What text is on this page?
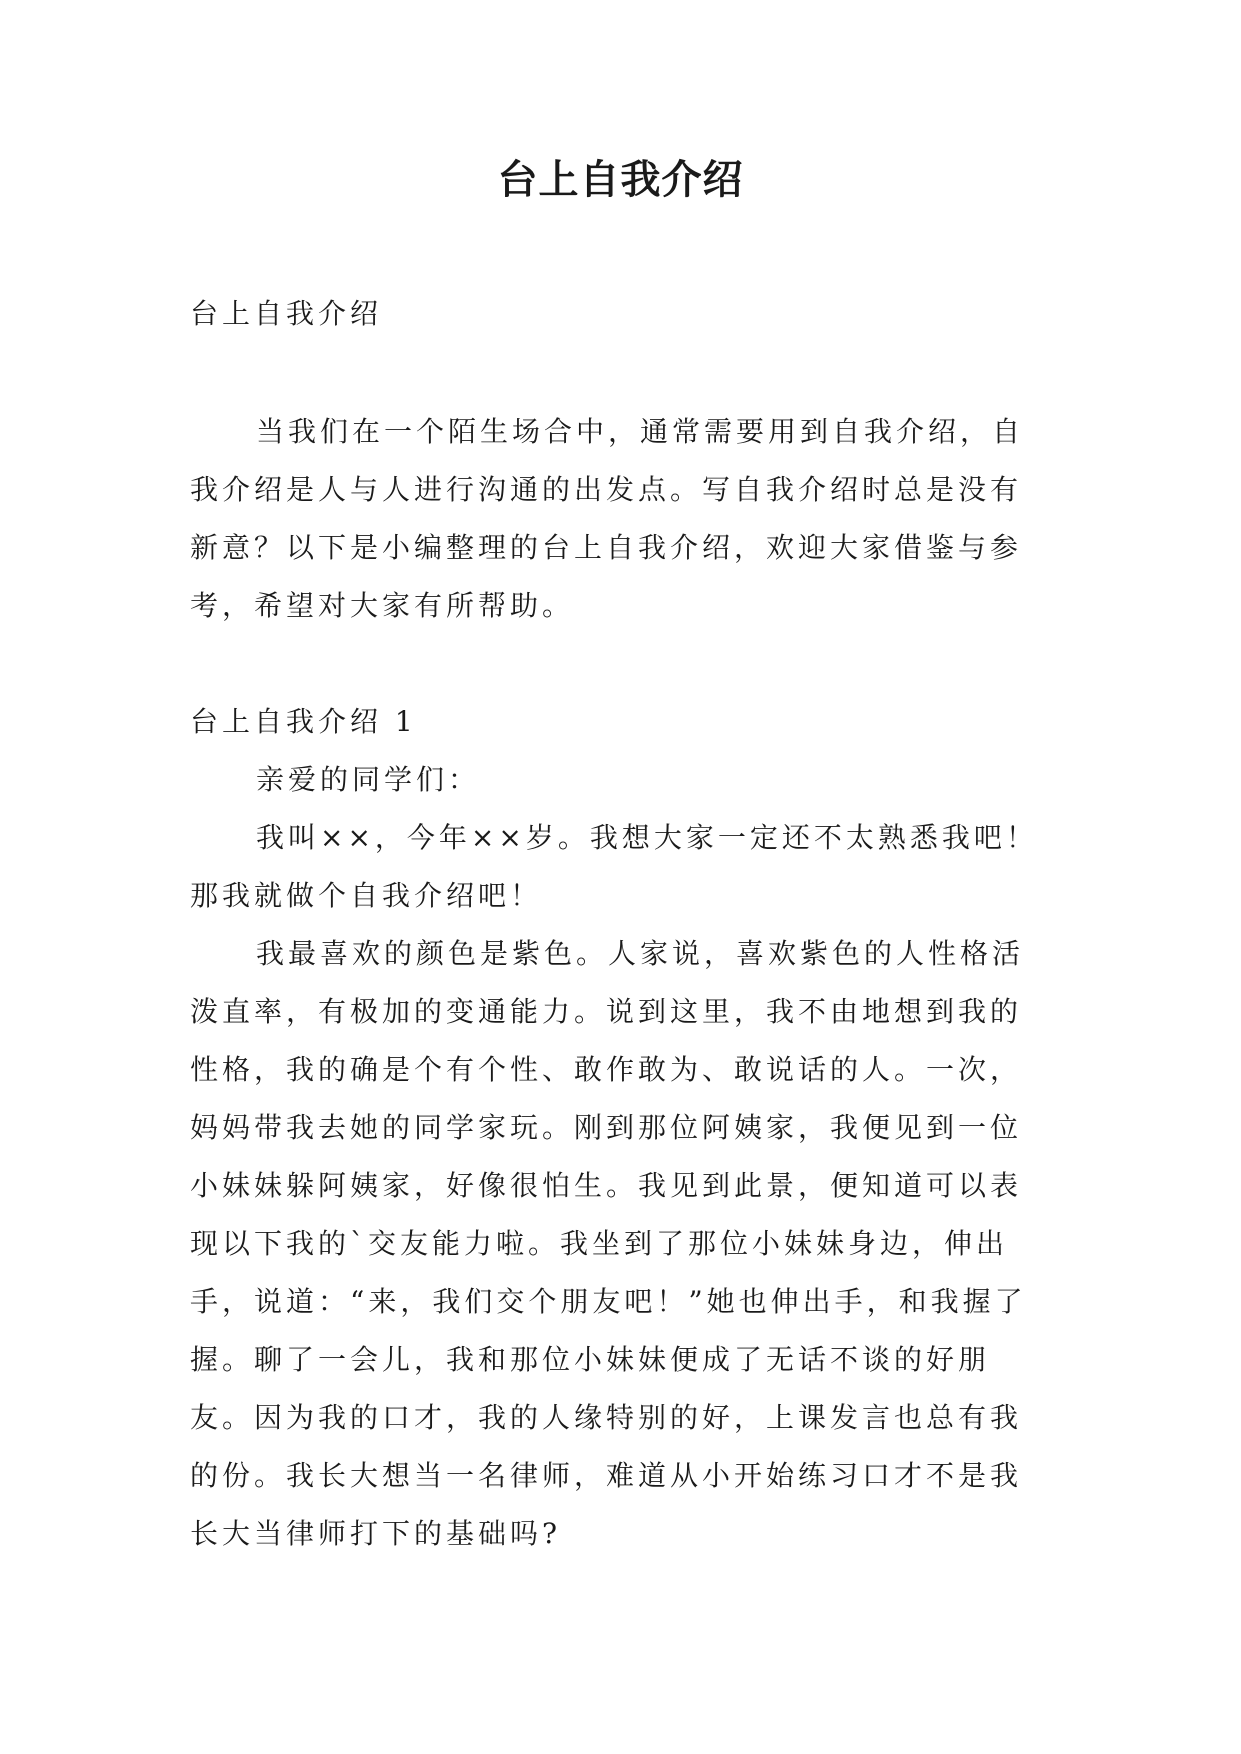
台上自我介绍

台上自我介绍

当我们在一个陌生场合中，通常需要用到自我介绍，自我介绍是人与人进行沟通的出发点。写自我介绍时总是没有新意？以下是小编整理的台上自我介绍，欢迎大家借鉴与参考，希望对大家有所帮助。

台上自我介绍 1

亲爱的同学们：

我叫××，今年××岁。我想大家一定还不太熟悉我吧！那我就做个自我介绍吧！

我最喜欢的颜色是紫色。人家说，喜欢紫色的人性格活泼直率，有极加的变通能力。说到这里，我不由地想到我的性格，我的确是个有个性、敢作敢为、敢说话的人。一次，妈妈带我去她的同学家玩。刚到那位阿姨家，我便见到一位小妹妹躲阿姨家，好像很怕生。我见到此景，便知道可以表现以下我的`交友能力啦。我坐到了那位小妹妹身边，伸出手，说道：“来，我们交个朋友吧！”她也伸出手，和我握了握。聊了一会儿，我和那位小妹妹便成了无话不谈的好朋友。因为我的口才，我的人缘特别的好，上课发言也总有我的份。我长大想当一名律师，难道从小开始练习口才不是我长大当律师打下的基础吗?
